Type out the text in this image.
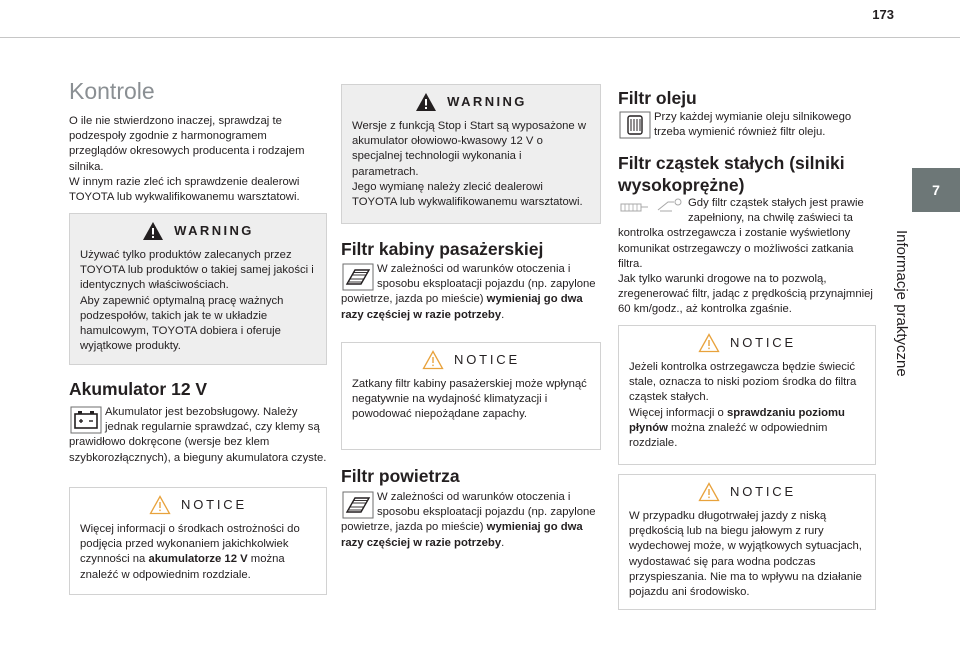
173
7
Informacje praktyczne
Kontrole

O ile nie stwierdzono inaczej, sprawdzaj te podzespoły zgodnie z harmonogramem przeglądów okresowych producenta i rodzajem silnika.

W innym razie zleć ich sprawdzenie dealerowi TOYOTA lub wykwalifikowanemu warsztatowi.

WARNING

Używać tylko produktów zalecanych przez TOYOTA lub produktów o takiej samej jakości i identycznych właściwościach.

Aby zapewnić optymalną pracę ważnych podzespołów, takich jak te w układzie hamulcowym, TOYOTA dobiera i oferuje wyjątkowe produkty.

Akumulator 12 V

Akumulator jest bezobsługowy. Należy jednak regularnie sprawdzać, czy klemy są prawidłowo dokręcone (wersje bez klem szybkorozłącznych), a bieguny akumulatora czyste.

NOTICE

Więcej informacji o środkach ostrożności do podjęcia przed wykonaniem jakichkolwiek czynności na akumulatorze 12 V można znaleźć w odpowiednim rozdziale.

WARNING

Wersje z funkcją Stop i Start są wyposażone w akumulator ołowiowo-kwasowy 12 V o specjalnej technologii wykonania i parametrach.

Jego wymianę należy zlecić dealerowi TOYOTA lub wykwalifikowanemu warsztatowi.

Filtr kabiny pasażerskiej

W zależności od warunków otoczenia i sposobu eksploatacji pojazdu (np. zapylone powietrze, jazda po mieście) wymieniaj go dwa razy częściej w razie potrzeby.

NOTICE

Zatkany filtr kabiny pasażerskiej może wpłynąć negatywnie na wydajność klimatyzacji i powodować niepożądane zapachy.

Filtr powietrza

W zależności od warunków otoczenia i sposobu eksploatacji pojazdu (np. zapylone powietrze, jazda po mieście) wymieniaj go dwa razy częściej w razie potrzeby.

Filtr oleju

Przy każdej wymianie oleju silnikowego trzeba wymienić również filtr oleju.

Filtr cząstek stałych (silniki wysokoprężne)

Gdy filtr cząstek stałych jest prawie zapełniony, na chwilę zaświeci ta kontrolka ostrzegawcza i zostanie wyświetlony komunikat ostrzegawczy o możliwości zatkania filtra.

Jak tylko warunki drogowe na to pozwolą, zregenerować filtr, jadąc z prędkością przynajmniej 60 km/godz., aż kontrolka zgaśnie.

NOTICE

Jeżeli kontrolka ostrzegawcza będzie świecić stale, oznacza to niski poziom środka do filtra cząstek stałych.

Więcej informacji o sprawdzaniu poziomu płynów można znaleźć w odpowiednim rozdziale.

NOTICE

W przypadku długotrwałej jazdy z niską prędkością lub na biegu jałowym z rury wydechowej może, w wyjątkowych sytuacjach, wydostawać się para wodna podczas przyspieszania. Nie ma to wpływu na działanie pojazdu ani środowisko.
